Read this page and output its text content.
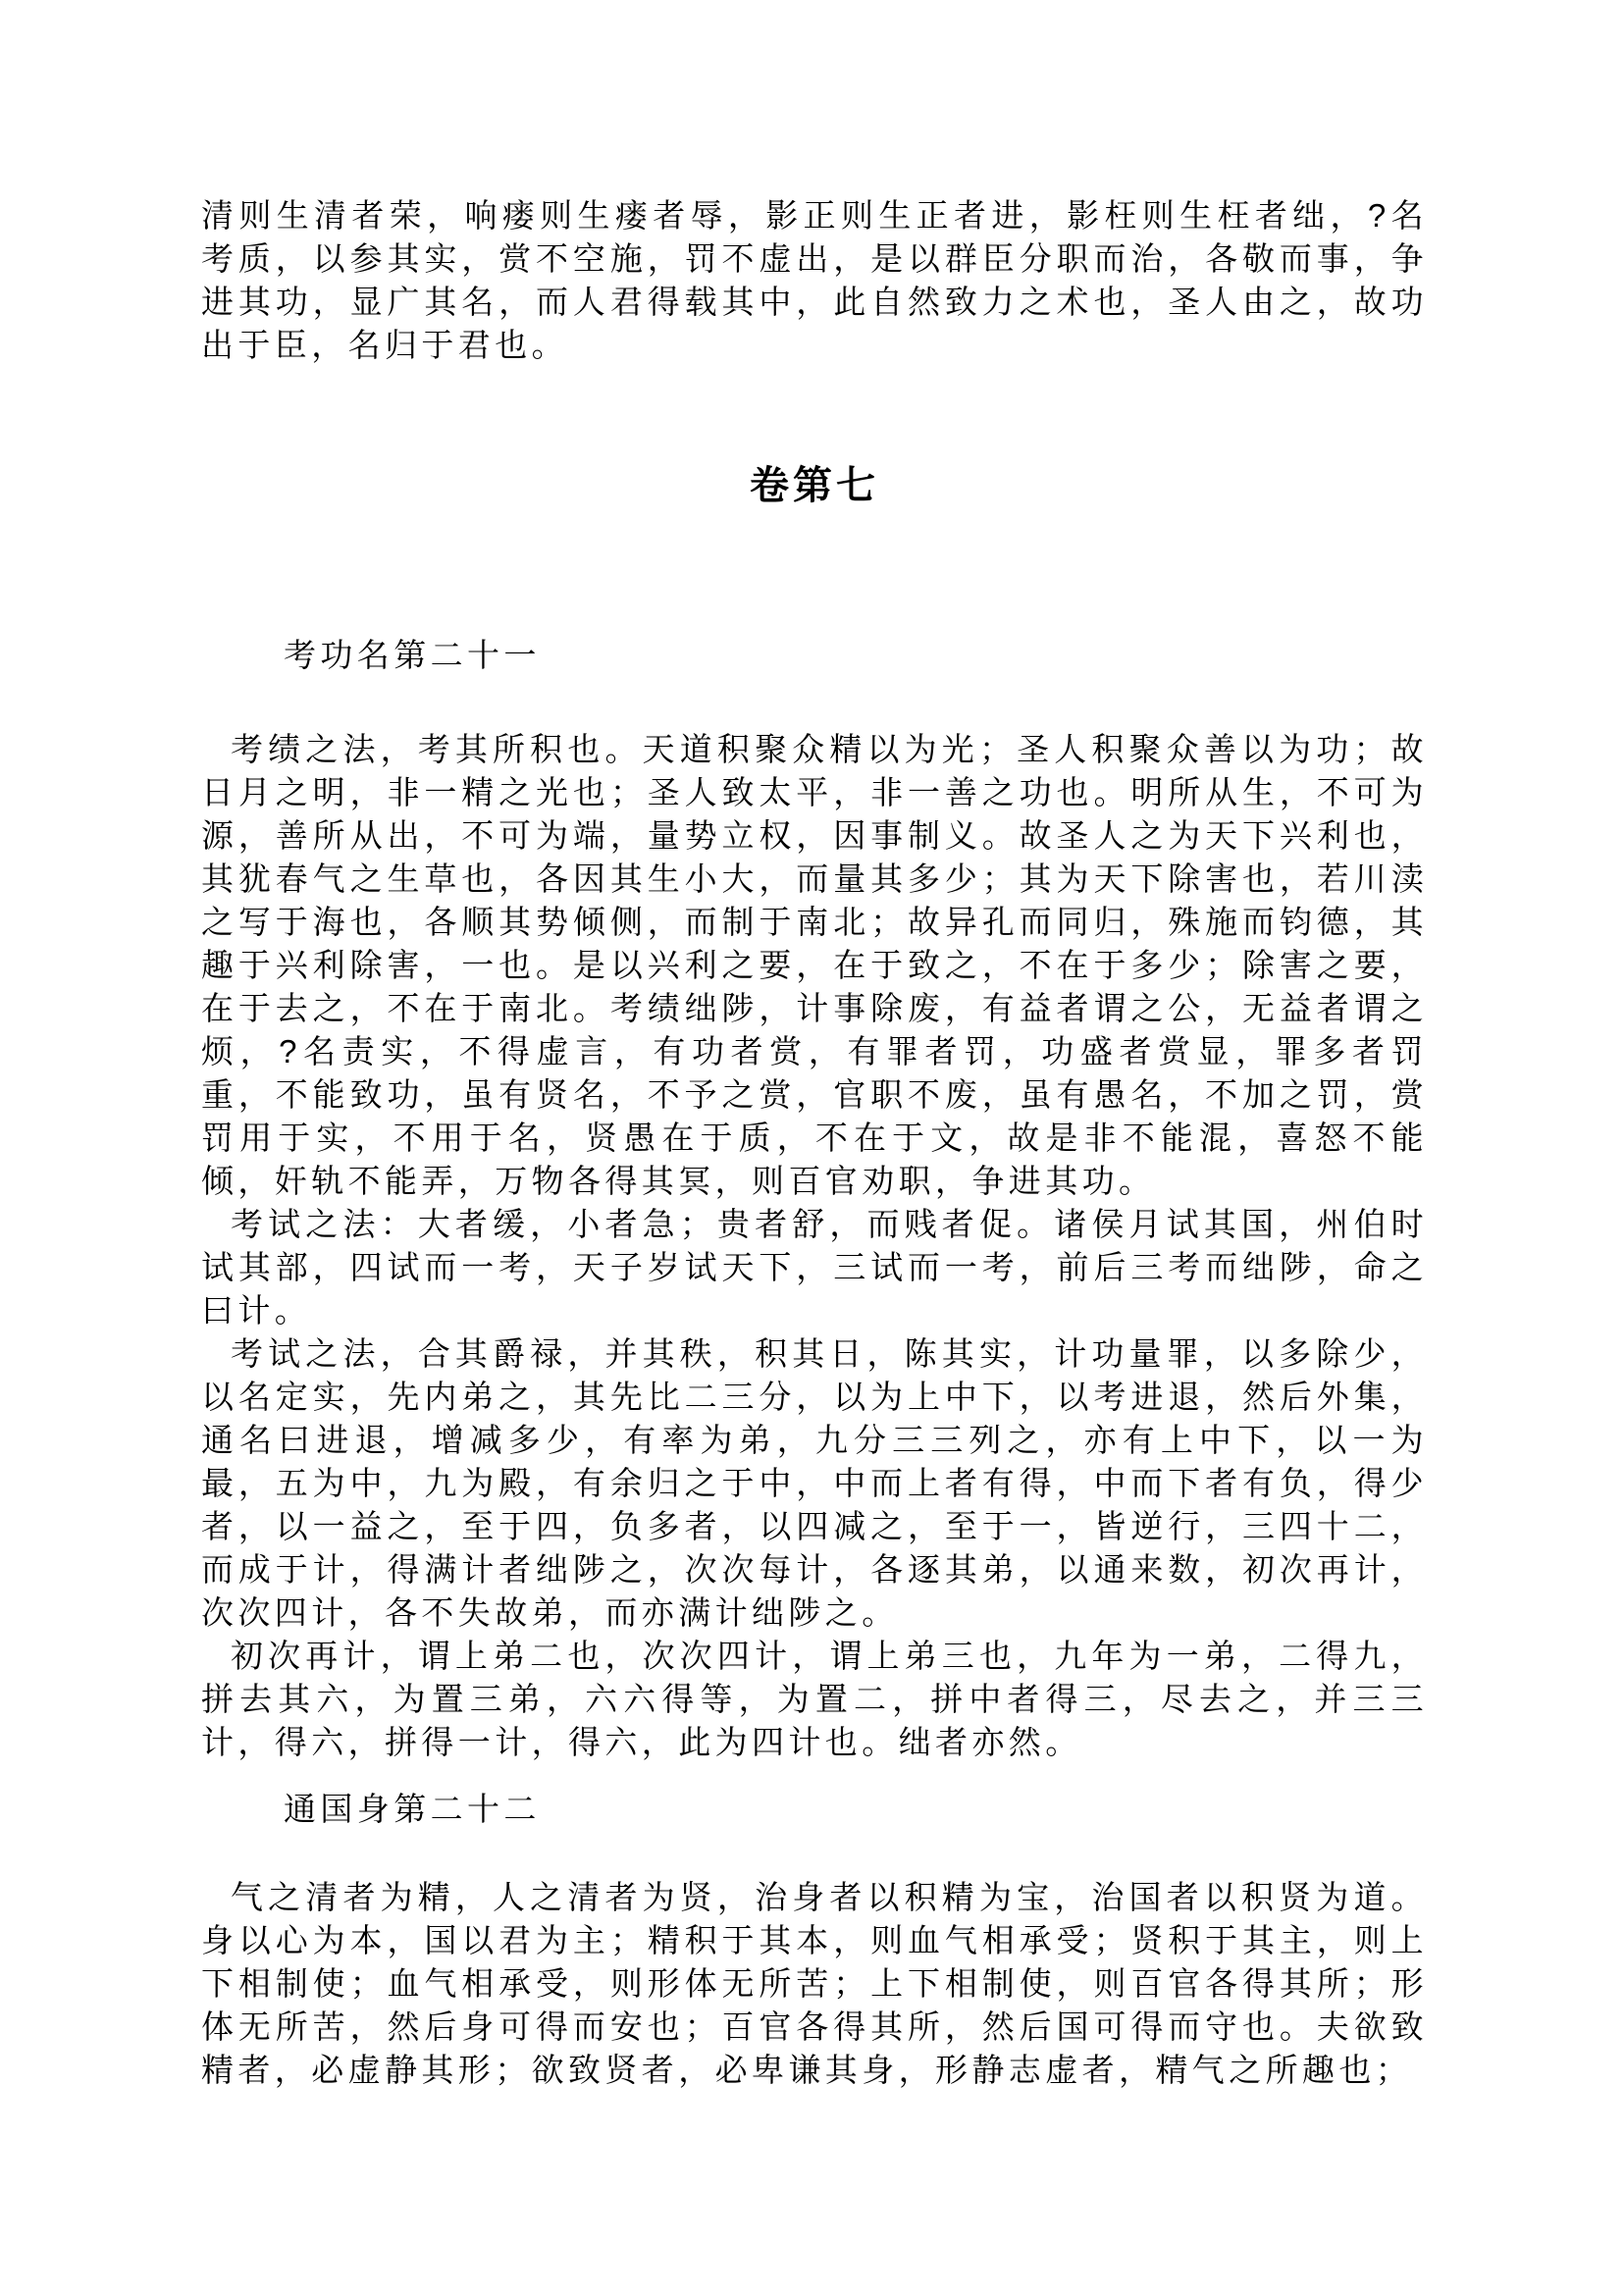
清则生清者荣，响瘘则生瘘者辱，影正则生正者进，影枉则生枉者绌，?名考质，以参其实，赏不空施，罚不虚出，是以群臣分职而治，各敬而事，争进其功，显广其名，而人君得载其中，此自然致力之术也，圣人由之，故功出于臣，名归于君也。

卷第七
考功名第二十一

考绩之法，考其所积也。天道积聚众精以为光；圣人积聚众善以为功；故日月之明，非一精之光也；圣人致太平，非一善之功也。明所从生，不可为源，善所从出，不可为端，量势立权，因事制义。故圣人之为天下兴利也，其犹春气之生草也，各因其生小大，而量其多少；其为天下除害也，若川渎之写于海也，各顺其势倾侧，而制于南北；故异孔而同归，殊施而钧德，其趣于兴利除害，一也。是以兴利之要，在于致之，不在于多少；除害之要，在于去之，不在于南北。考绩绌陟，计事除废，有益者谓之公，无益者谓之烦，?名责实，不得虚言，有功者赏，有罪者罚，功盛者赏显，罪多者罚重，不能致功，虽有贤名，不予之赏，官职不废，虽有愚名，不加之罚，赏罚用于实，不用于名，贤愚在于质，不在于文，故是非不能混，喜怒不能倾，奸轨不能弄，万物各得其冥，则百官劝职，争进其功。

考试之法：大者缓，小者急；贵者舒，而贱者促。诸侯月试其国，州伯时试其部，四试而一考，天子岁试天下，三试而一考，前后三考而绌陟，命之曰计。

考试之法，合其爵禄，并其秩，积其日，陈其实，计功量罪，以多除少，以名定实，先内弟之，其先比二三分，以为上中下，以考进退，然后外集，通名曰进退，增减多少，有率为弟，九分三三列之，亦有上中下，以一为最，五为中，九为殿，有余归之于中，中而上者有得，中而下者有负，得少者，以一益之，至于四，负多者，以四减之，至于一，皆逆行，三四十二，而成于计，得满计者绌陟之，次次每计，各逐其弟，以通来数，初次再计，次次四计，各不失故弟，而亦满计绌陟之。

初次再计，谓上弟二也，次次四计，谓上弟三也，九年为一弟，二得九，拼去其六，为置三弟，六六得等，为置二，拼中者得三，尽去之，并三三计，得六，拼得一计，得六，此为四计也。绌者亦然。

通国身第二十二

气之清者为精，人之清者为贤，治身者以积精为宝，治国者以积贤为道。身以心为本，国以君为主；精积于其本，则血气相承受；贤积于其主，则上下相制使；血气相承受，则形体无所苦；上下相制使，则百官各得其所；形体无所苦，然后身可得而安也；百官各得其所，然后国可得而守也。夫欲致精者，必虚静其形；欲致贤者，必卑谦其身，形静志虚者，精气之所趣也；
